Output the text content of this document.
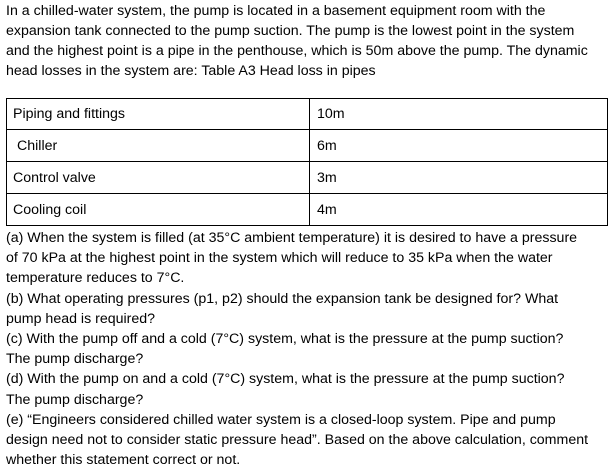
In a chilled-water system, the pump is located in a basement equipment room with the
expansion tank connected to the pump suction. The pump is the lowest point in the system
and the highest point is a pipe in the penthouse, which is 50m above the pump. The dynamic
head losses in the system are: Table A3 Head loss in pipes

Piping and fittings	10m
Chiller	6m
Control valve	3m
Cooling coil	4m

(a) When the system is filled (at 35°C ambient temperature) it is desired to have a pressure
of 70 kPa at the highest point in the system which will reduce to 35 kPa when the water
temperature reduces to 7°C.
(b) What operating pressures (p1, p2) should the expansion tank be designed for? What
pump head is required?
(c) With the pump off and a cold (7°C) system, what is the pressure at the pump suction?
The pump discharge?
(d) With the pump on and a cold (7°C) system, what is the pressure at the pump suction?
The pump discharge?
(e) “Engineers considered chilled water system is a closed-loop system. Pipe and pump
design need not to consider static pressure head”. Based on the above calculation, comment
whether this statement correct or not.
